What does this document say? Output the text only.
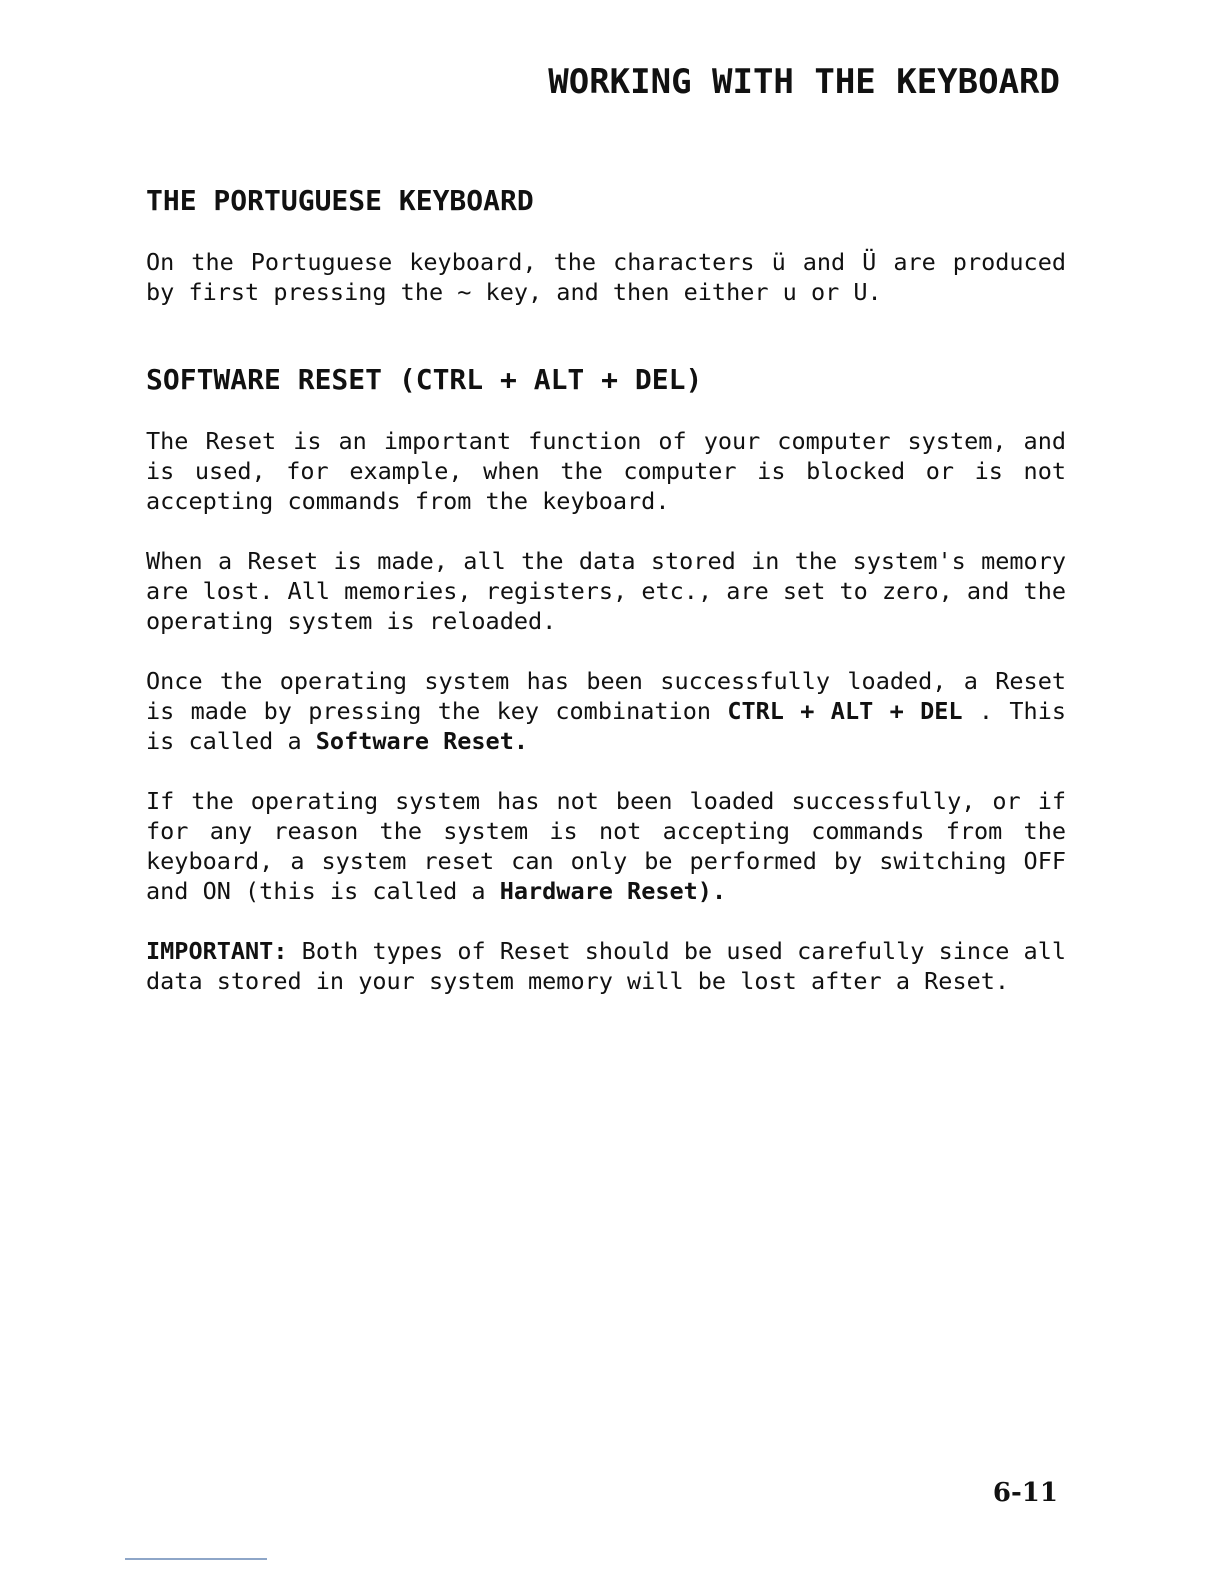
WORKING WITH THE KEYBOARD
THE PORTUGUESE KEYBOARD

On the Portuguese keyboard, the characters ü and Ü are produced by first pressing the ~ key, and then either u or U.

SOFTWARE RESET (CTRL + ALT + DEL)

The Reset is an important function of your computer system, and is used, for example, when the computer is blocked or is not accepting commands from the keyboard.

When a Reset is made, all the data stored in the system's memory are lost. All memories, registers, etc., are set to zero, and the operating system is reloaded.

Once the operating system has been successfully loaded, a Reset is made by pressing the key combination CTRL + ALT + DEL . This is called a Software Reset.

If the operating system has not been loaded successfully, or if for any reason the system is not accepting commands from the keyboard, a system reset can only be performed by switching OFF and ON (this is called a Hardware Reset).

IMPORTANT: Both types of Reset should be used carefully since all data stored in your system memory will be lost after a Reset.

6-11
